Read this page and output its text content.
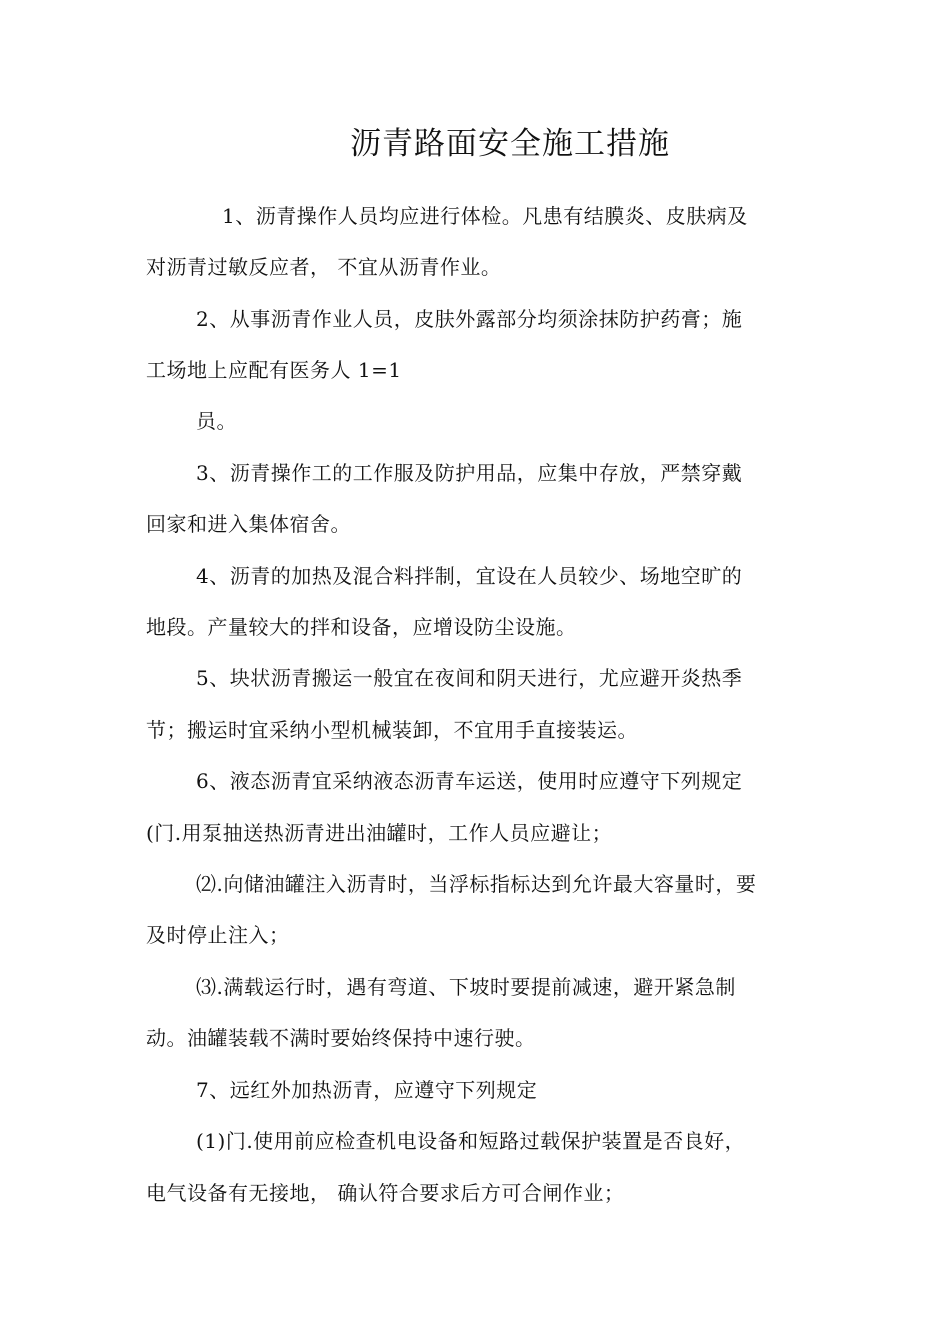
沥青路面安全施工措施
1、沥青操作人员均应进行体检。凡患有结膜炎、皮肤病及
对沥青过敏反应者， 不宜从沥青作业。
2、从事沥青作业人员，皮肤外露部分均须涂抹防护药膏；施
工场地上应配有医务人 1=1
员。
3、沥青操作工的工作服及防护用品，应集中存放，严禁穿戴
回家和进入集体宿舍。
4、沥青的加热及混合料拌制，宜设在人员较少、场地空旷的
地段。产量较大的拌和设备，应增设防尘设施。
5、块状沥青搬运一般宜在夜间和阴天进行，尤应避开炎热季
节；搬运时宜采纳小型机械装卸，不宜用手直接装运。
6、液态沥青宜采纳液态沥青车运送，使用时应遵守下列规定
(门.用泵抽送热沥青进出油罐时，工作人员应避让；
⑵.向储油罐注入沥青时，当浮标指标达到允许最大容量时，要
及时停止注入；
⑶.满载运行时，遇有弯道、下坡时要提前减速，避开紧急制
动。油罐装载不满时要始终保持中速行驶。
7、远红外加热沥青，应遵守下列规定
(1)门.使用前应检查机电设备和短路过载保护装置是否良好，
电气设备有无接地， 确认符合要求后方可合闸作业；
